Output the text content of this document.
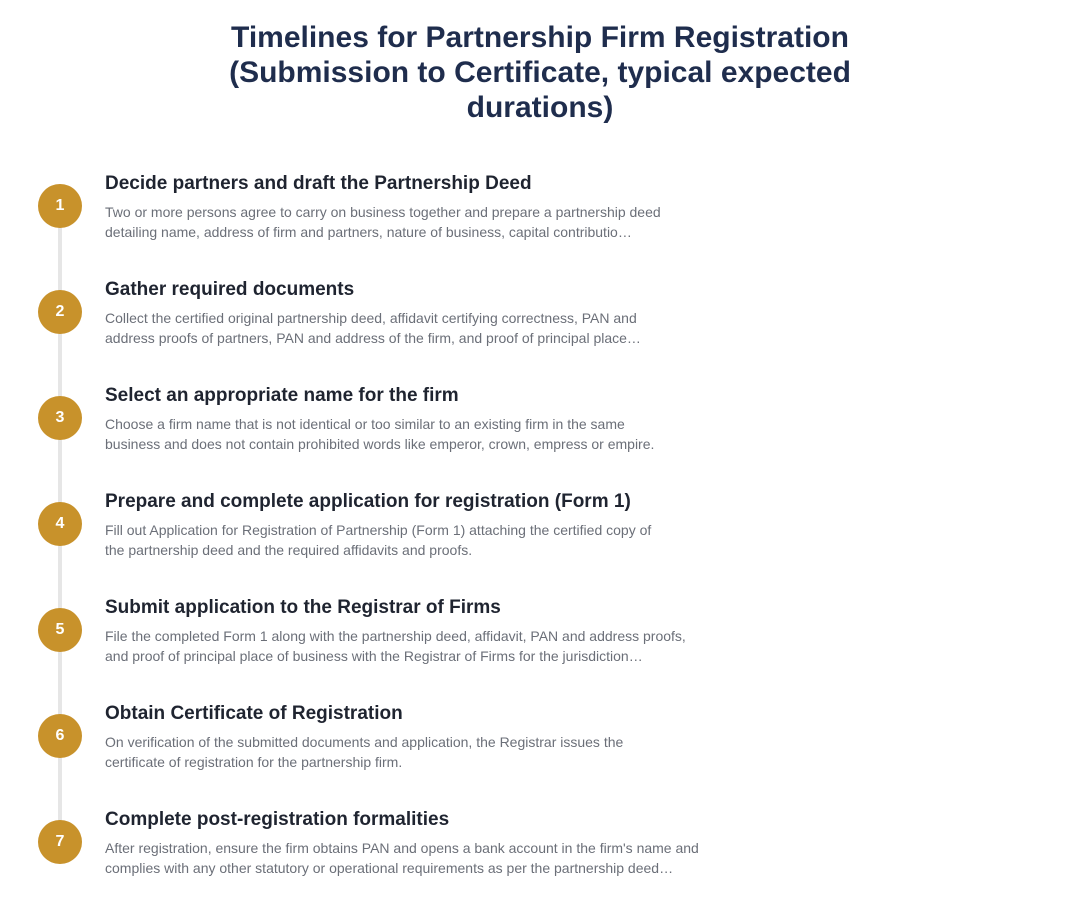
Timelines for Partnership Firm Registration
(Submission to Certificate, typical expected
durations)
1
Decide partners and draft the Partnership Deed
Two or more persons agree to carry on business together and prepare a partnership deed
detailing name, address of firm and partners, nature of business, capital contributio…
2
Gather required documents
Collect the certified original partnership deed, affidavit certifying correctness, PAN and
address proofs of partners, PAN and address of the firm, and proof of principal place…
3
Select an appropriate name for the firm
Choose a firm name that is not identical or too similar to an existing firm in the same
business and does not contain prohibited words like emperor, crown, empress or empire.
4
Prepare and complete application for registration (Form 1)
Fill out Application for Registration of Partnership (Form 1) attaching the certified copy of
the partnership deed and the required affidavits and proofs.
5
Submit application to the Registrar of Firms
File the completed Form 1 along with the partnership deed, affidavit, PAN and address proofs,
and proof of principal place of business with the Registrar of Firms for the jurisdiction…
6
Obtain Certificate of Registration
On verification of the submitted documents and application, the Registrar issues the
certificate of registration for the partnership firm.
7
Complete post-registration formalities
After registration, ensure the firm obtains PAN and opens a bank account in the firm's name and
complies with any other statutory or operational requirements as per the partnership deed…
